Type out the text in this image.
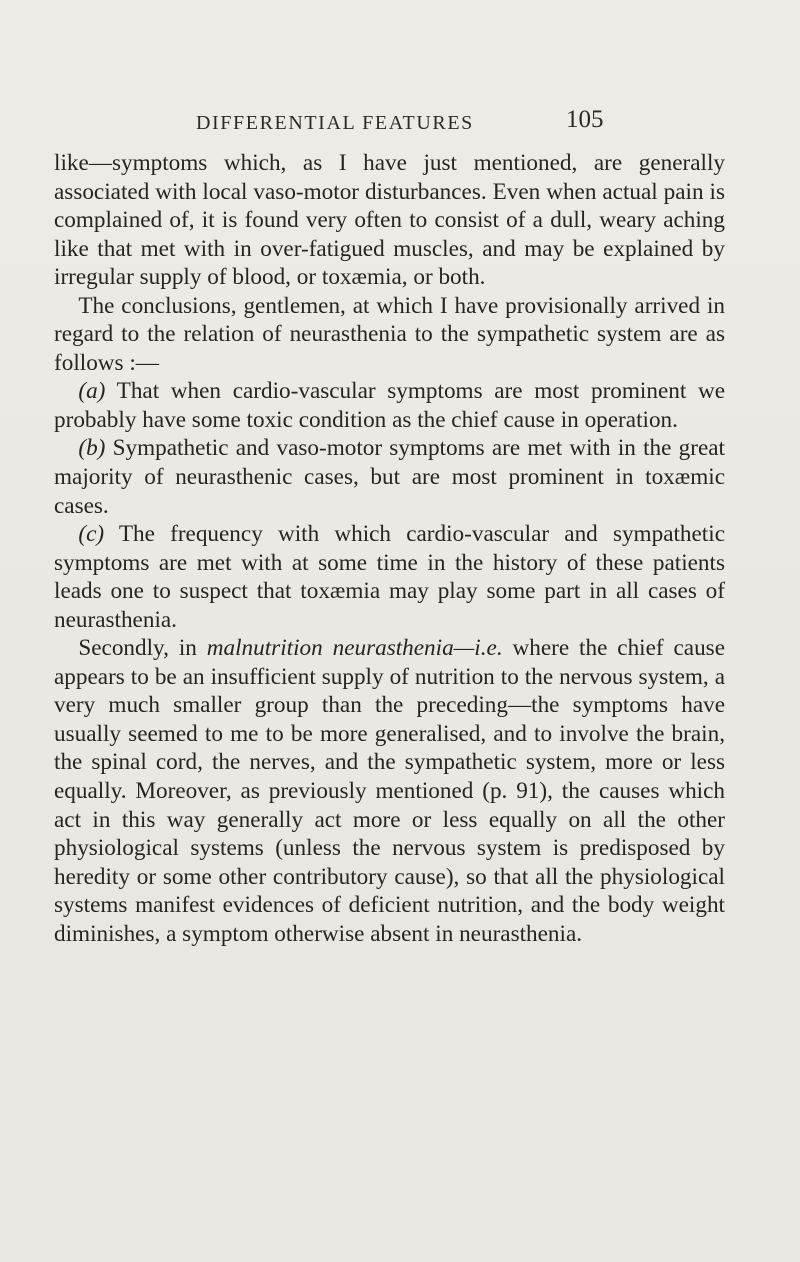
DIFFERENTIAL FEATURES	105

like—symptoms which, as I have just mentioned, are generally associated with local vaso-motor disturbances. Even when actual pain is complained of, it is found very often to consist of a dull, weary aching like that met with in over-fatigued muscles, and may be explained by irregular supply of blood, or toxæmia, or both.

The conclusions, gentlemen, at which I have provisionally arrived in regard to the relation of neurasthenia to the sympathetic system are as follows :—

(a) That when cardio-vascular symptoms are most prominent we probably have some toxic condition as the chief cause in operation.

(b) Sympathetic and vaso-motor symptoms are met with in the great majority of neurasthenic cases, but are most prominent in toxæmic cases.

(c) The frequency with which cardio-vascular and sympathetic symptoms are met with at some time in the history of these patients leads one to suspect that toxæmia may play some part in all cases of neurasthenia.

Secondly, in malnutrition neurasthenia—i.e. where the chief cause appears to be an insufficient supply of nutrition to the nervous system, a very much smaller group than the preceding—the symptoms have usually seemed to me to be more generalised, and to involve the brain, the spinal cord, the nerves, and the sympathetic system, more or less equally. Moreover, as previously mentioned (p. 91), the causes which act in this way generally act more or less equally on all the other physiological systems (unless the nervous system is predisposed by heredity or some other contributory cause), so that all the physiological systems manifest evidences of deficient nutrition, and the body weight diminishes, a symptom otherwise absent in neurasthenia.
